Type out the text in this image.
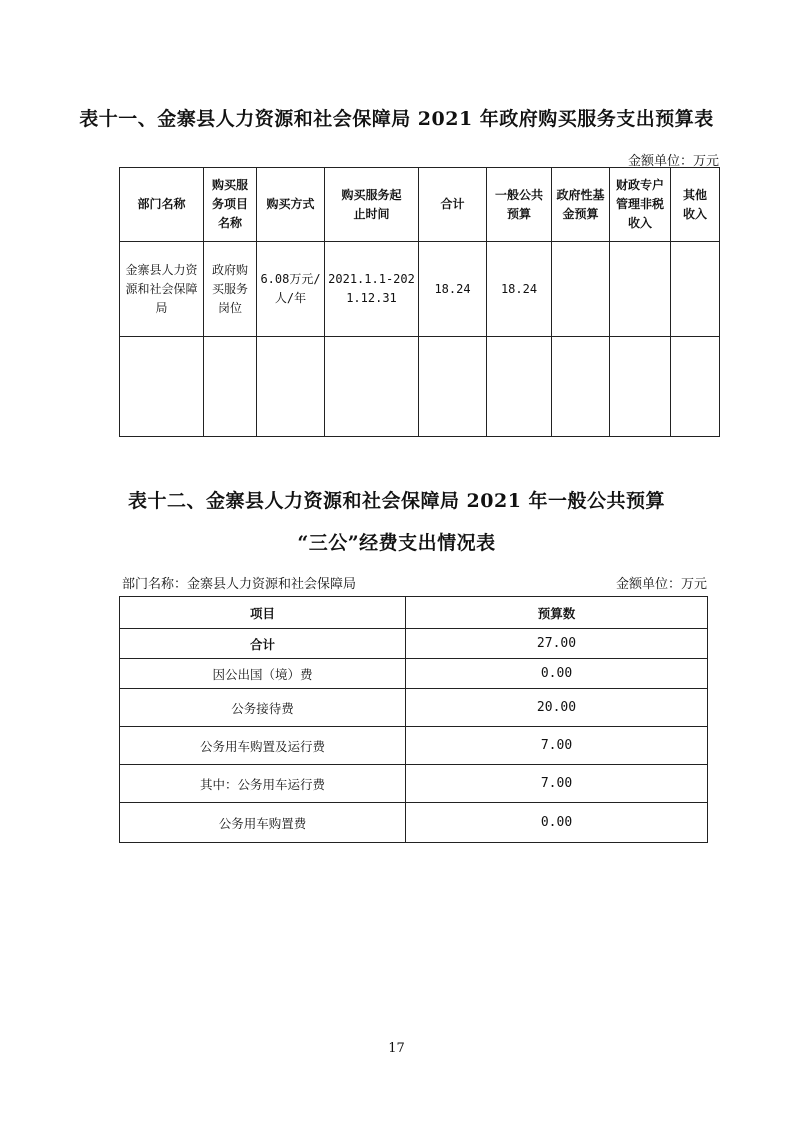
表十一、金寨县人力资源和社会保障局 2021 年政府购买服务支出预算表
金额单位：万元
部门名称	购买服务项目名称	购买方式	购买服务起止时间	合计	一般公共预算	政府性基金预算	财政专户管理非税收入	其他收入
金寨县人力资源和社会保障局	政府购买服务岗位	6.08万元/人/年	2021.1.1-2021.12.31	18.24	18.24			

表十二、金寨县人力资源和社会保障局 2021 年一般公共预算
“三公”经费支出情况表
部门名称：金寨县人力资源和社会保障局	金额单位：万元
项目	预算数
合计	27.00
因公出国（境）费	0.00
公务接待费	20.00
公务用车购置及运行费	7.00
其中：公务用车运行费	7.00
公务用车购置费	0.00
17
